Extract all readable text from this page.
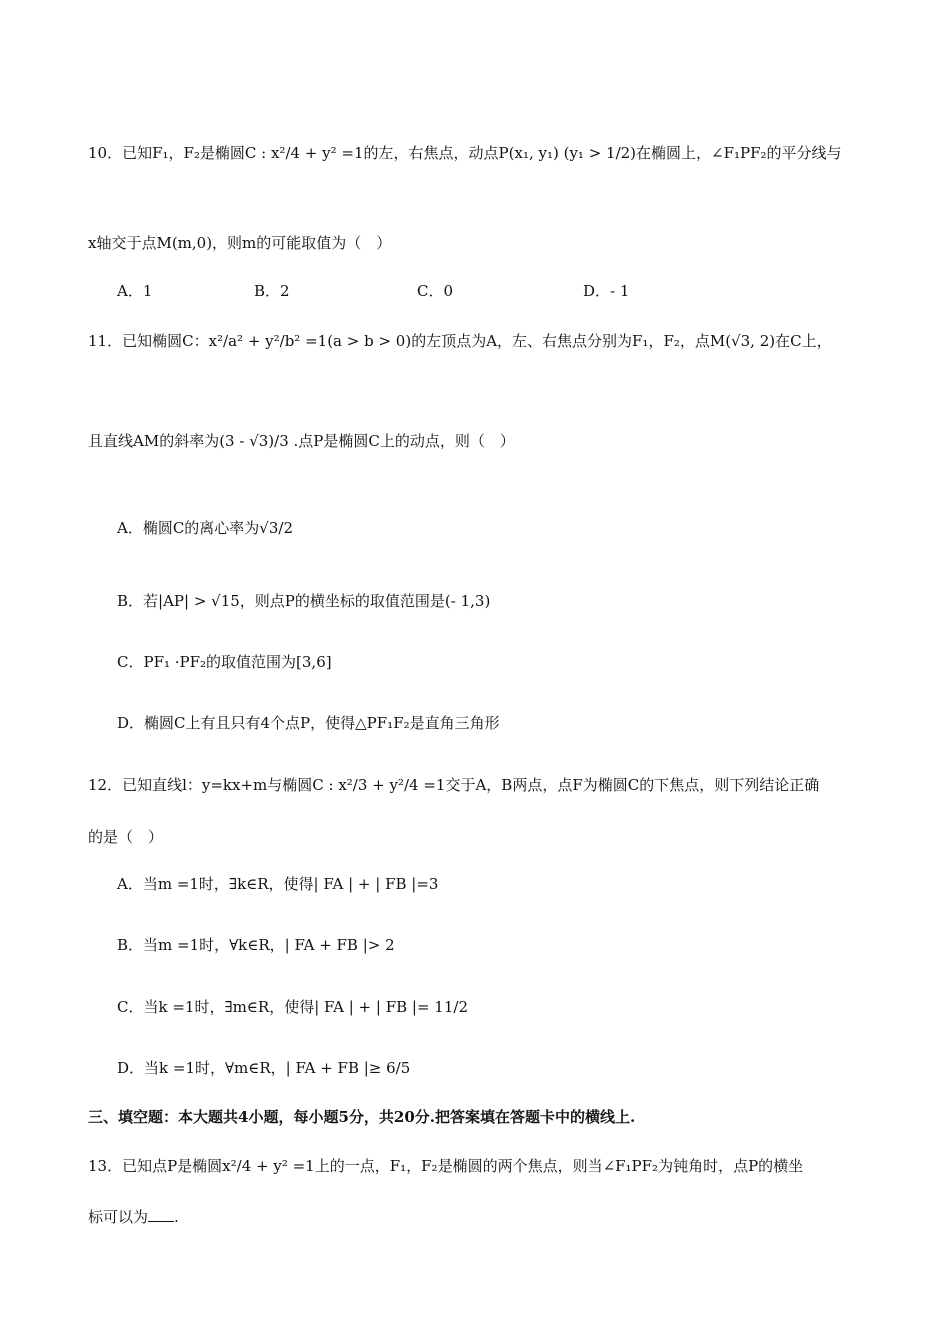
10．已知F₁，F₂是椭圆C : x²/4 + y² =1的左，右焦点，动点P(x₁, y₁) (y₁ > 1/2)在椭圆上，∠F₁PF₂的平分线与
x轴交于点M(m,0)，则m的可能取值为（　）
A．1	B．2	C．0	D．- 1
11．已知椭圆C：x²/a² + y²/b² =1(a > b > 0)的左顶点为A，左、右焦点分别为F₁，F₂，点M(√3, 2)在C上，
且直线AM的斜率为(3 - √3)/3 .点P是椭圆C上的动点，则（　）
A．椭圆C的离心率为√3/2
B．若|AP| > √15，则点P的横坐标的取值范围是(- 1,3)
C．PF₁ ·PF₂的取值范围为[3,6]
D．椭圆C上有且只有4个点P，使得△PF₁F₂是直角三角形
12．已知直线l：y=kx+m与椭圆C : x²/3 + y²/4 =1交于A，B两点，点F为椭圆C的下焦点，则下列结论正确
的是（　）
A．当m =1时，∃k∈R，使得| FA | + | FB |=3
B．当m =1时，∀k∈R，| FA + FB |> 2
C．当k =1时，∃m∈R，使得| FA | + | FB |= 11/2
D．当k =1时，∀m∈R，| FA + FB |≥ 6/5
三、填空题：本大题共4小题，每小题5分，共20分.把答案填在答题卡中的横线上.
13．已知点P是椭圆x²/4 + y² =1上的一点，F₁，F₂是椭圆的两个焦点，则当∠F₁PF₂为钝角时，点P的横坐
标可以为 .
